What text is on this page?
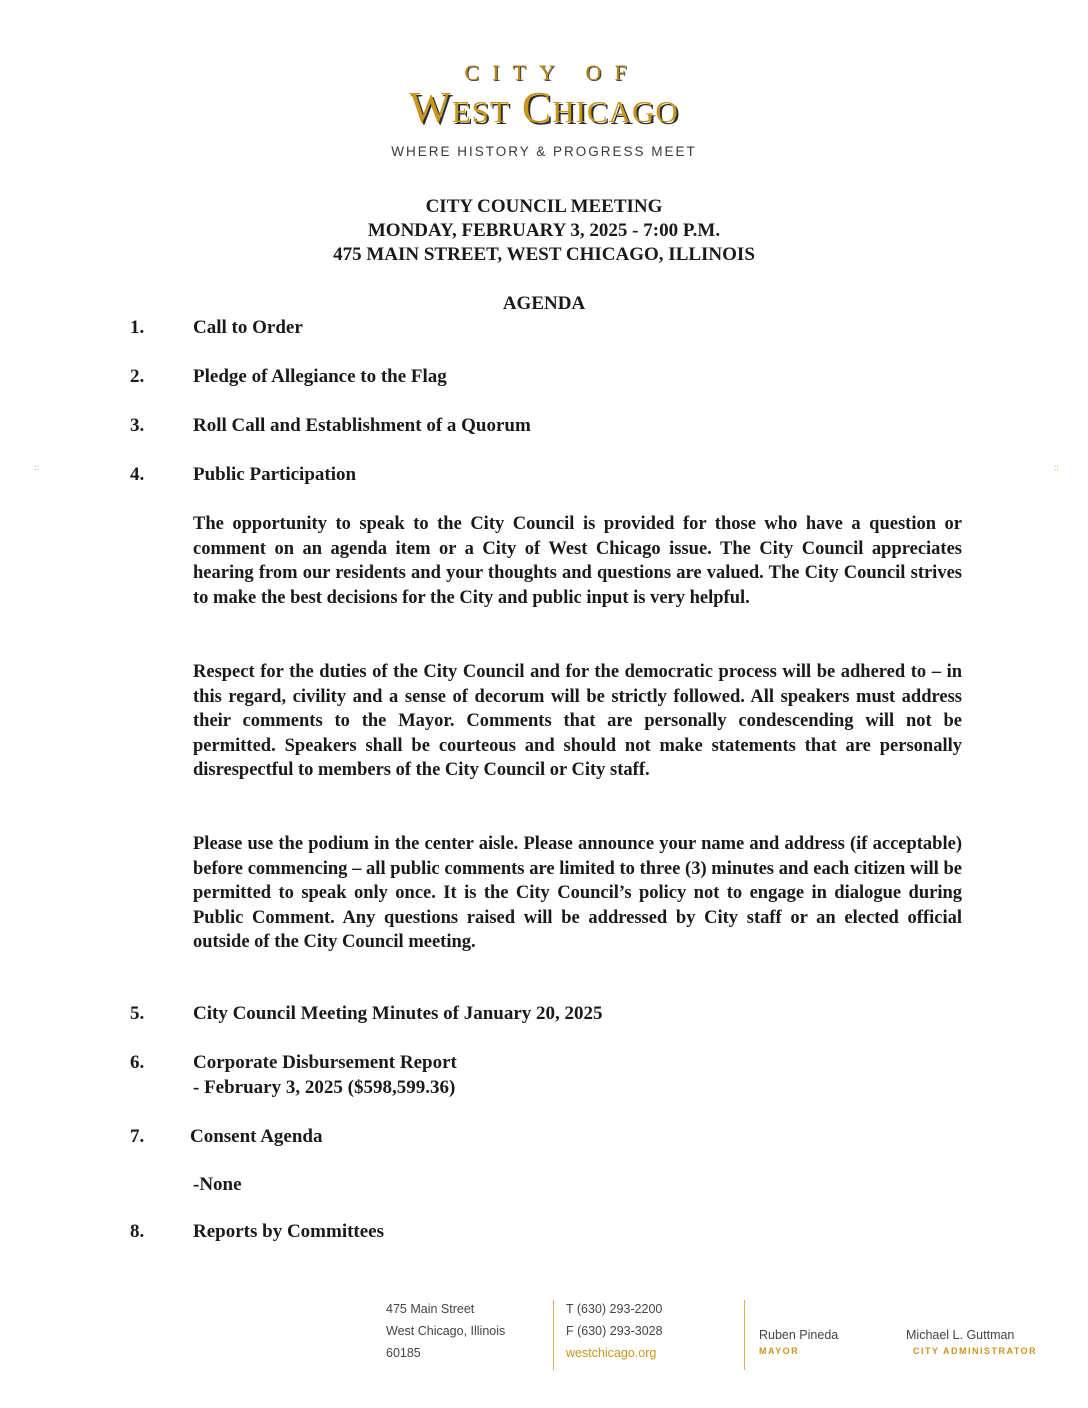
CITY OF
West Chicago
WHERE HISTORY & PROGRESS MEET
CITY COUNCIL MEETING
MONDAY, FEBRUARY 3, 2025 - 7:00 P.M.
475 MAIN STREET, WEST CHICAGO, ILLINOIS
AGENDA
1.	Call to Order
2.	Pledge of Allegiance to the Flag
3.	Roll Call and Establishment of a Quorum
::	::
4.	Public Participation

The opportunity to speak to the City Council is provided for those who have a question or comment on an agenda item or a City of West Chicago issue. The City Council appreciates hearing from our residents and your thoughts and questions are valued. The City Council strives to make the best decisions for the City and public input is very helpful.

Respect for the duties of the City Council and for the democratic process will be adhered to – in this regard, civility and a sense of decorum will be strictly followed. All speakers must address their comments to the Mayor. Comments that are personally condescending will not be permitted. Speakers shall be courteous and should not make statements that are personally disrespectful to members of the City Council or City staff.

Please use the podium in the center aisle. Please announce your name and address (if acceptable) before commencing – all public comments are limited to three (3) minutes and each citizen will be permitted to speak only once. It is the City Council’s policy not to engage in dialogue during Public Comment. Any questions raised will be addressed by City staff or an elected official outside of the City Council meeting.

5.	City Council Meeting Minutes of January 20, 2025
6.	Corporate Disbursement Report
- February 3, 2025 ($598,599.36)
7. Consent Agenda
-None
8.	Reports by Committees
475 Main Street
West Chicago, Illinois
60185
T (630) 293-2200
F (630) 293-3028
westchicago.org
Ruben Pineda
MAYOR
Michael L. Guttman
CITY ADMINISTRATOR
